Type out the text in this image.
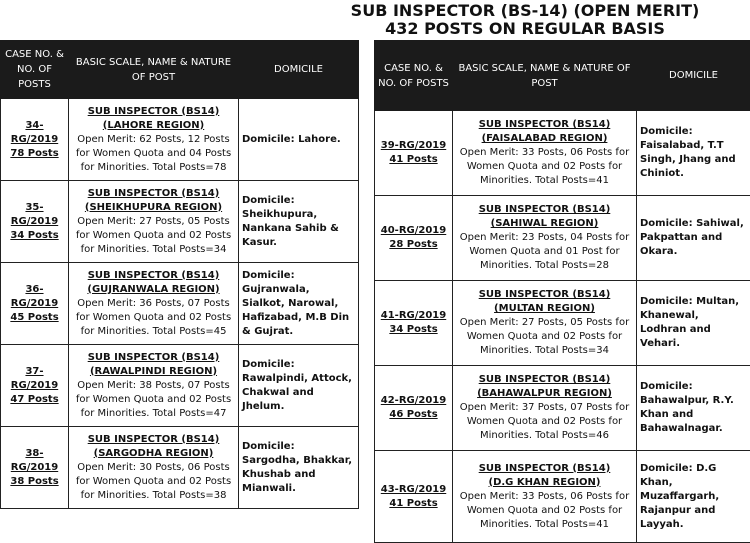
SUB INSPECTOR (BS-14) (OPEN MERIT)
432 POSTS ON REGULAR BASIS
CASE NO. & NO. OF POSTS	BASIC SCALE, NAME & NATURE OF POST	DOMICILE

34-RG/2019
78 Posts	SUB INSPECTOR (BS14)
(LAHORE REGION)
Open Merit: 62 Posts, 12 Posts for Women Quota and 04 Posts for Minorities. Total Posts=78	Domicile: Lahore.

35-RG/2019
34 Posts	SUB INSPECTOR (BS14)
(SHEIKHUPURA REGION)
Open Merit: 27 Posts, 05 Posts for Women Quota and 02 Posts for Minorities. Total Posts=34	Domicile: Sheikhupura, Nankana Sahib & Kasur.

36-RG/2019
45 Posts	SUB INSPECTOR (BS14)
(GUJRANWALA REGION)
Open Merit: 36 Posts, 07 Posts for Women Quota and 02 Posts for Minorities. Total Posts=45	Domicile: Gujranwala, Sialkot, Narowal, Hafizabad, M.B Din & Gujrat.

37-RG/2019
47 Posts	SUB INSPECTOR (BS14)
(RAWALPINDI REGION)
Open Merit: 38 Posts, 07 Posts for Women Quota and 02 Posts for Minorities. Total Posts=47	Domicile: Rawalpindi, Attock, Chakwal and Jhelum.

38-RG/2019
38 Posts	SUB INSPECTOR (BS14)
(SARGODHA REGION)
Open Merit: 30 Posts, 06 Posts for Women Quota and 02 Posts for Minorities. Total Posts=38	Domicile: Sargodha, Bhakkar, Khushab and Mianwali.
CASE NO. & NO. OF POSTS	BASIC SCALE, NAME & NATURE OF POST	DOMICILE

39-RG/2019
41 Posts	SUB INSPECTOR (BS14)
(FAISALABAD REGION)
Open Merit: 33 Posts, 06 Posts for Women Quota and 02 Posts for Minorities. Total Posts=41	Domicile: Faisalabad, T.T Singh, Jhang and Chiniot.

40-RG/2019
28 Posts	SUB INSPECTOR (BS14)
(SAHIWAL REGION)
Open Merit: 23 Posts, 04 Posts for Women Quota and 01 Post for Minorities. Total Posts=28	Domicile: Sahiwal, Pakpattan and Okara.

41-RG/2019
34 Posts	SUB INSPECTOR (BS14)
(MULTAN REGION)
Open Merit: 27 Posts, 05 Posts for Women Quota and 02 Posts for Minorities. Total Posts=34	Domicile: Multan, Khanewal, Lodhran and Vehari.

42-RG/2019
46 Posts	SUB INSPECTOR (BS14)
(BAHAWALPUR REGION)
Open Merit: 37 Posts, 07 Posts for Women Quota and 02 Posts for Minorities. Total Posts=46	Domicile: Bahawalpur, R.Y. Khan and Bahawalnagar.

43-RG/2019
41 Posts	SUB INSPECTOR (BS14)
(D.G KHAN REGION)
Open Merit: 33 Posts, 06 Posts for Women Quota and 02 Posts for Minorities. Total Posts=41	Domicile: D.G Khan, Muzaffargarh, Rajanpur and Layyah.
